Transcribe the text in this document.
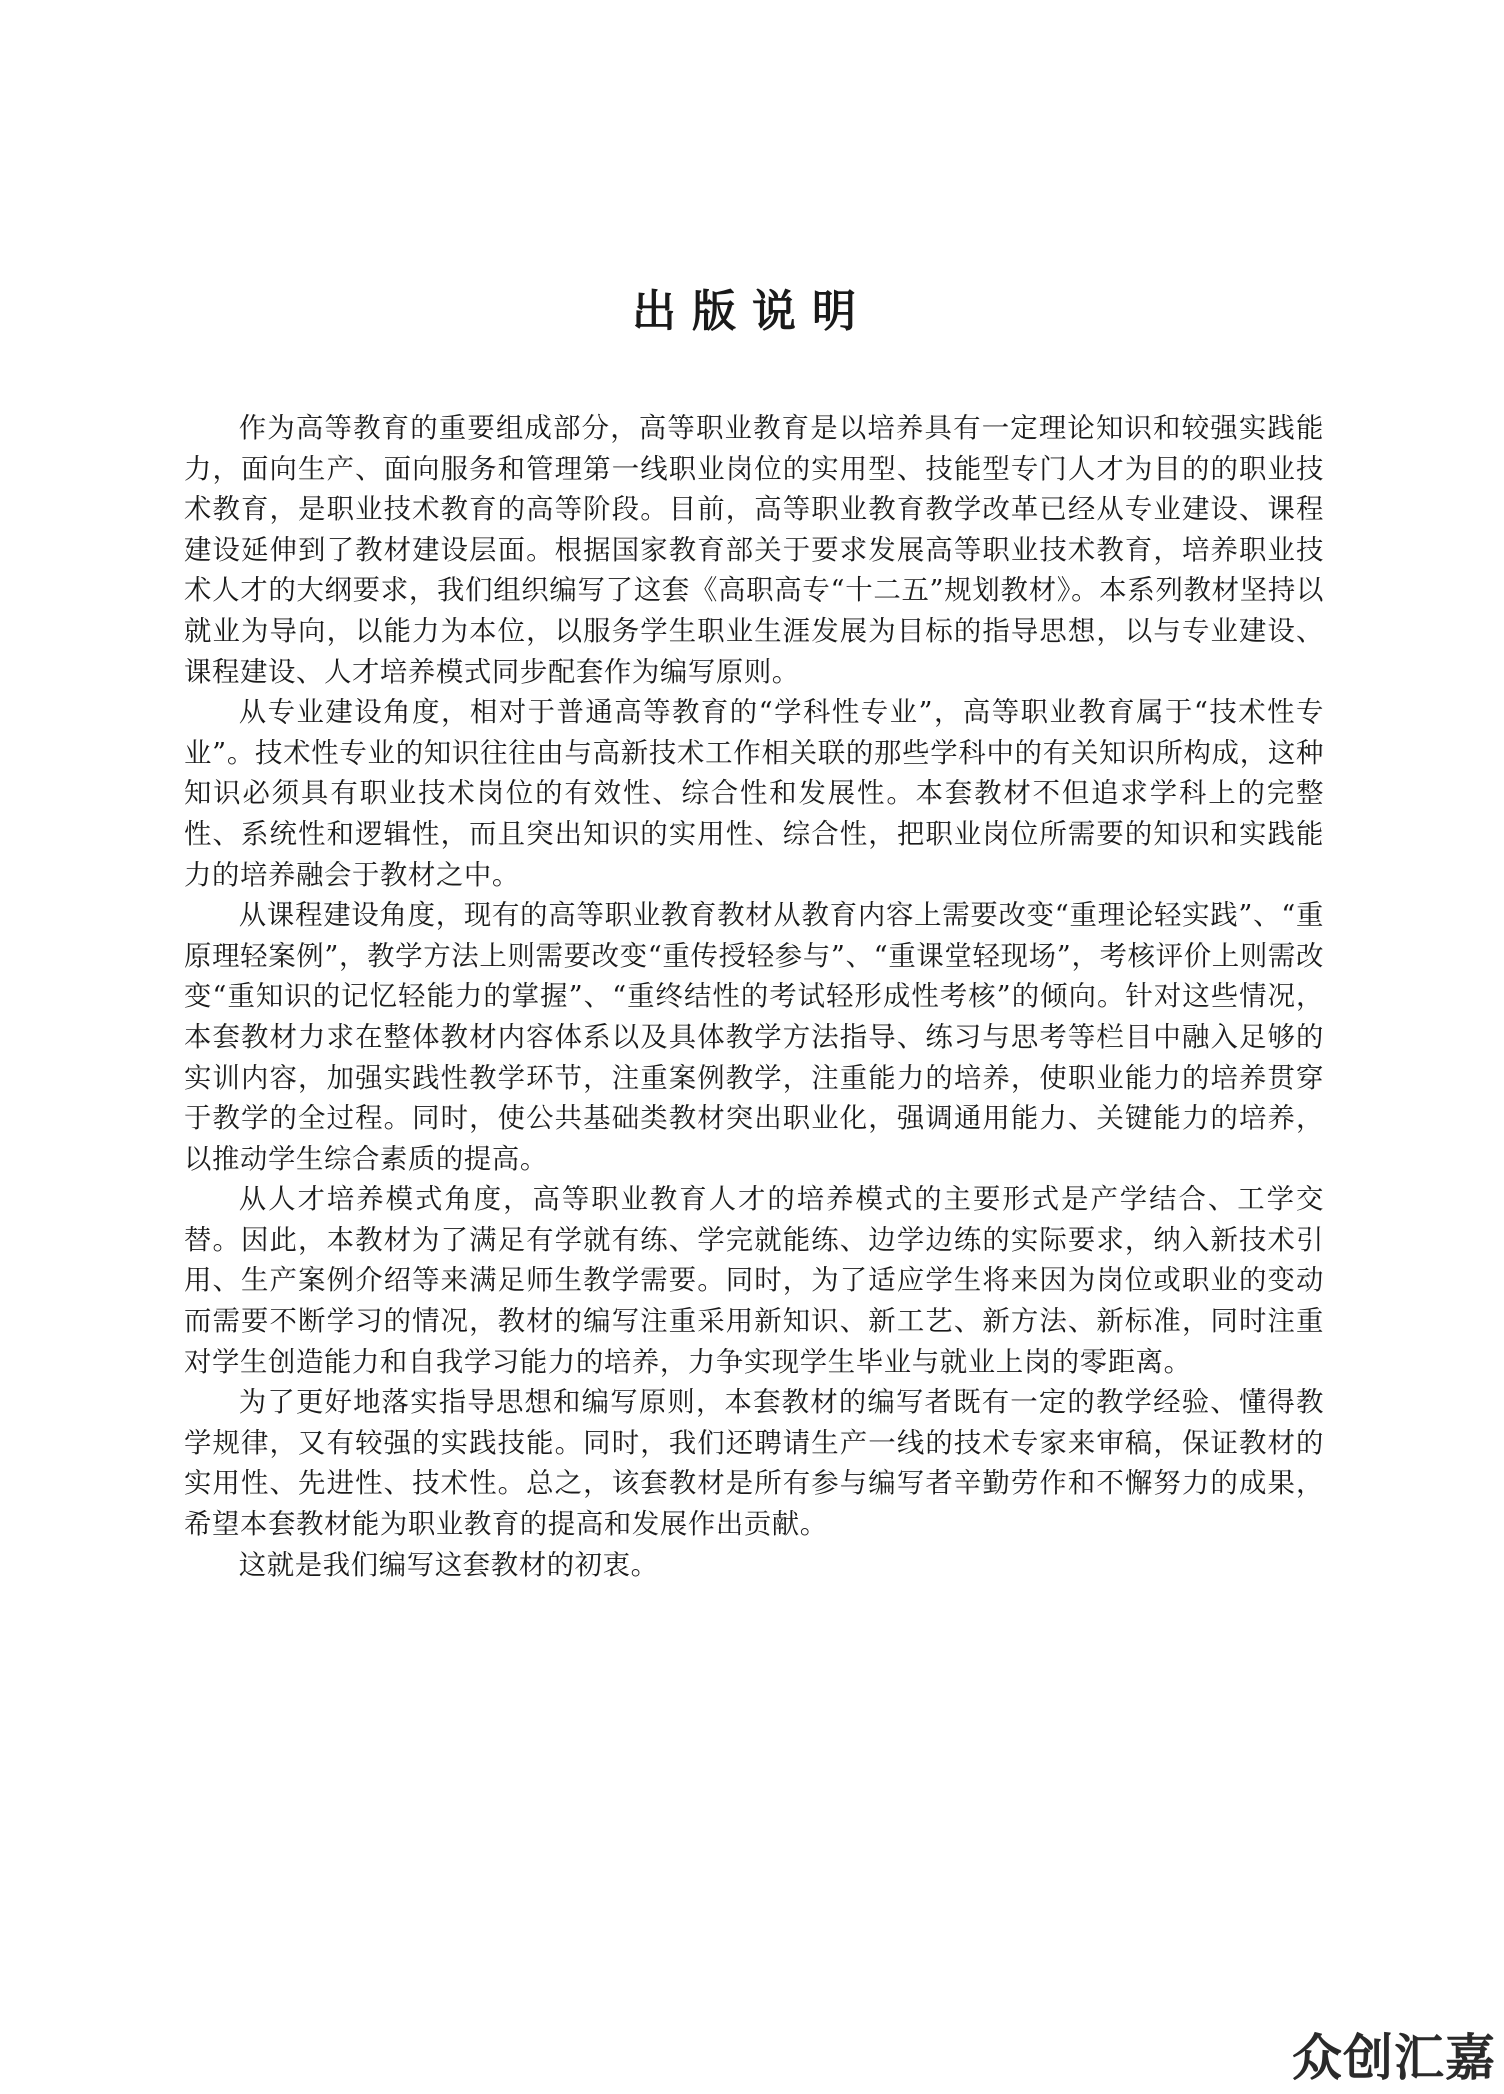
出版说明

作为高等教育的重要组成部分，高等职业教育是以培养具有一定理论知识和较强实践能力，面向生产、面向服务和管理第一线职业岗位的实用型、技能型专门人才为目的的职业技术教育，是职业技术教育的高等阶段。目前，高等职业教育教学改革已经从专业建设、课程建设延伸到了教材建设层面。根据国家教育部关于要求发展高等职业技术教育，培养职业技术人才的大纲要求，我们组织编写了这套《高职高专“十二五”规划教材》。本系列教材坚持以就业为导向，以能力为本位，以服务学生职业生涯发展为目标的指导思想，以与专业建设、课程建设、人才培养模式同步配套作为编写原则。

从专业建设角度，相对于普通高等教育的“学科性专业”，高等职业教育属于“技术性专业”。技术性专业的知识往往由与高新技术工作相关联的那些学科中的有关知识所构成，这种知识必须具有职业技术岗位的有效性、综合性和发展性。本套教材不但追求学科上的完整性、系统性和逻辑性，而且突出知识的实用性、综合性，把职业岗位所需要的知识和实践能力的培养融会于教材之中。

从课程建设角度，现有的高等职业教育教材从教育内容上需要改变“重理论轻实践”、“重原理轻案例”，教学方法上则需要改变“重传授轻参与”、“重课堂轻现场”，考核评价上则需改变“重知识的记忆轻能力的掌握”、“重终结性的考试轻形成性考核”的倾向。针对这些情况，本套教材力求在整体教材内容体系以及具体教学方法指导、练习与思考等栏目中融入足够的实训内容，加强实践性教学环节，注重案例教学，注重能力的培养，使职业能力的培养贯穿于教学的全过程。同时，使公共基础类教材突出职业化，强调通用能力、关键能力的培养，以推动学生综合素质的提高。

从人才培养模式角度，高等职业教育人才的培养模式的主要形式是产学结合、工学交替。因此，本教材为了满足有学就有练、学完就能练、边学边练的实际要求，纳入新技术引用、生产案例介绍等来满足师生教学需要。同时，为了适应学生将来因为岗位或职业的变动而需要不断学习的情况，教材的编写注重采用新知识、新工艺、新方法、新标准，同时注重对学生创造能力和自我学习能力的培养，力争实现学生毕业与就业上岗的零距离。

为了更好地落实指导思想和编写原则，本套教材的编写者既有一定的教学经验、懂得教学规律，又有较强的实践技能。同时，我们还聘请生产一线的技术专家来审稿，保证教材的实用性、先进性、技术性。总之，该套教材是所有参与编写者辛勤劳作和不懈努力的成果，希望本套教材能为职业教育的提高和发展作出贡献。

这就是我们编写这套教材的初衷。

众创汇嘉
